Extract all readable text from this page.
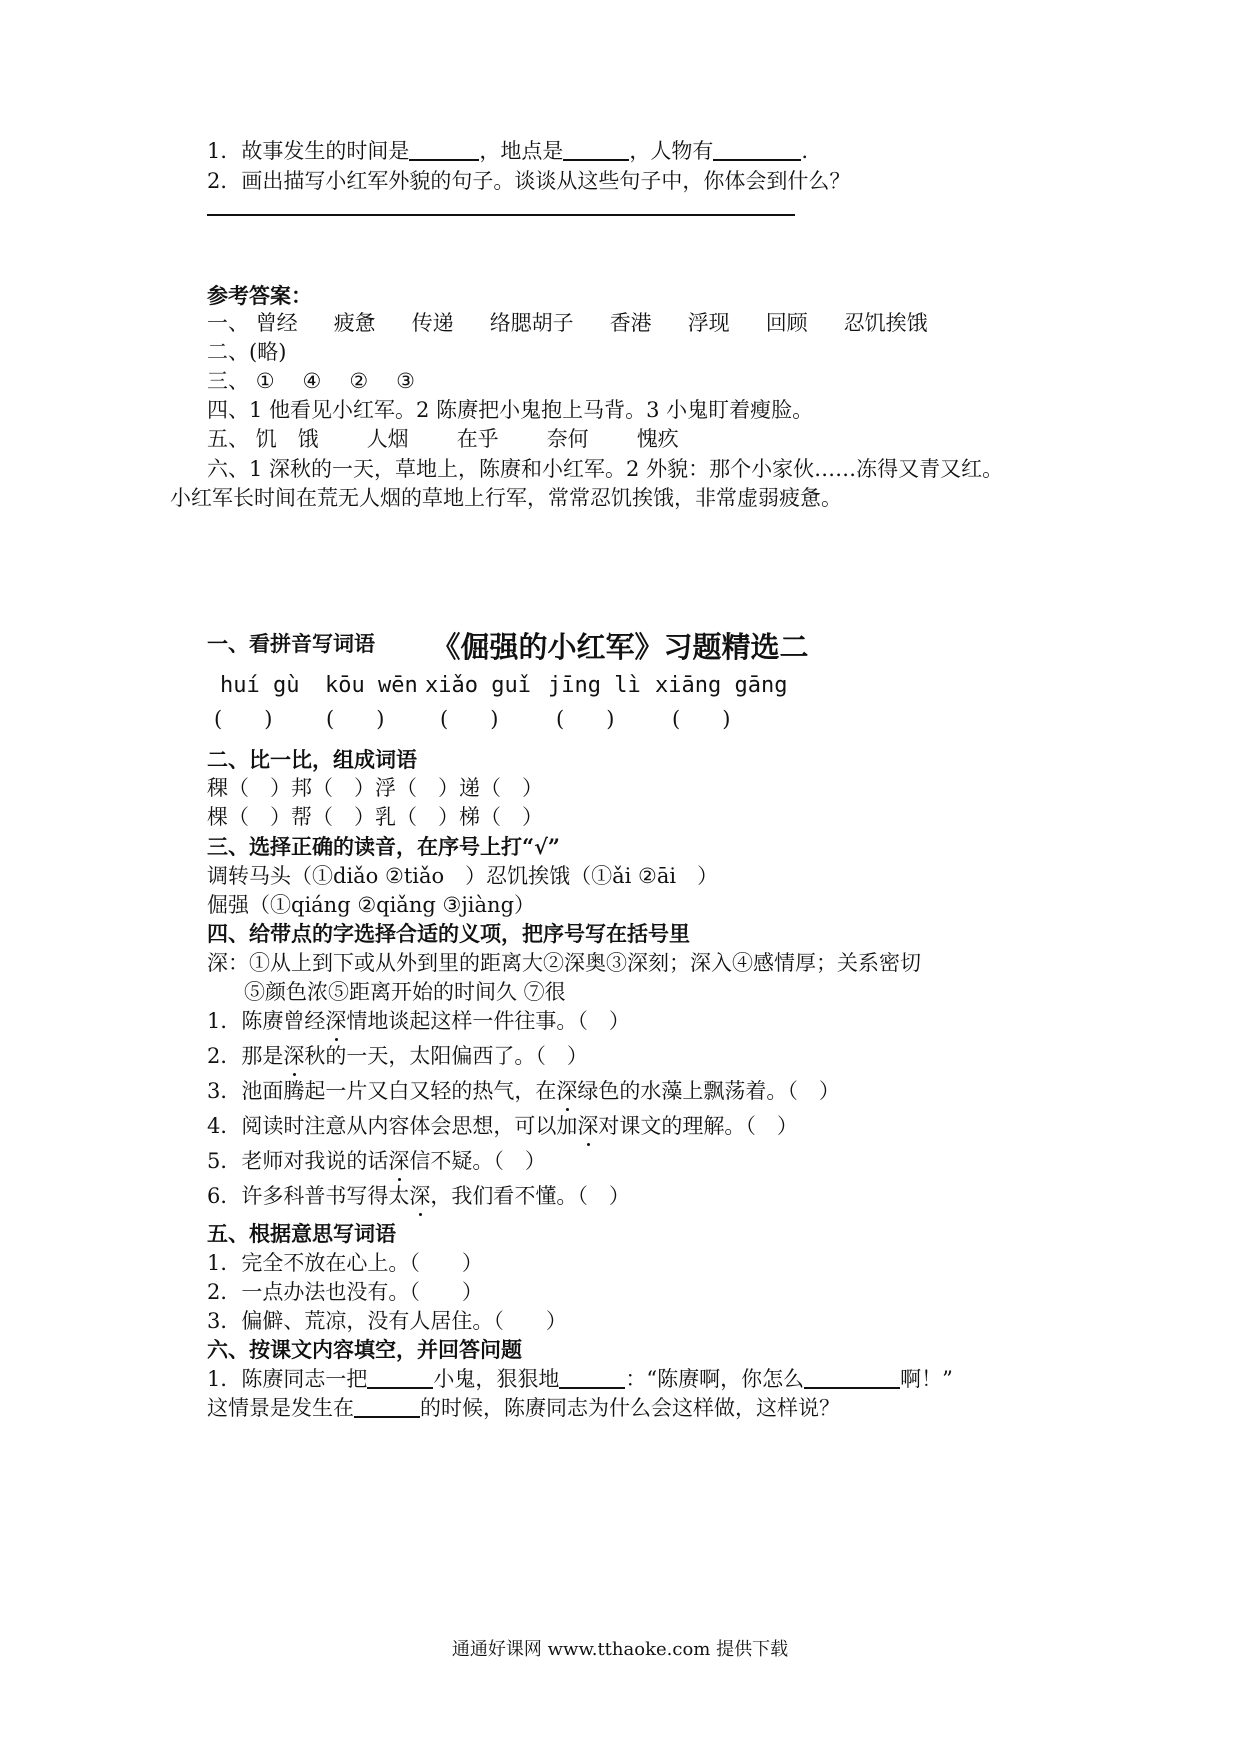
1．故事发生的时间是	，地点是	，人物有	.
2．画出描写小红军外貌的句子。谈谈从这些句子中，你体会到什么？
参考答案：
一、 曾经 疲惫 传递 络腮胡子 香港 浮现 回顾 忍饥挨饿
二、(略)
三、 ① ④ ② ③
四、1 他看见小红军。2 陈赓把小鬼抱上马背。3 小鬼盯着瘦脸。
五、 饥　饿 人烟 在乎 奈何 愧疚
六、1 深秋的一天，草地上，陈赓和小红军。2 外貌：那个小家伙……冻得又青又红。
小红军长时间在荒无人烟的草地上行军，常常忍饥挨饿，非常虚弱疲惫。
《倔强的小红军》习题精选二
一、看拼音写词语
huí gù
(　　)
kōu wēn
(　　)
xiǎo guǐ
(　　)
jīng lì
(　　)
xiāng gāng
(　　)
二、比一比，组成词语
稞（　）邦（　）浮（　）递（　）
棵（　）帮（　）乳（　）梯（　）
三、选择正确的读音，在序号上打“√”
调转马头（①diǎo ②tiǎo　）忍饥挨饿（①ǎi ②āi　）
倔强（①qiáng ②qiǎng ③jiàng）
四、给带点的字选择合适的义项，把序号写在括号里
深：①从上到下或从外到里的距离大②深奥③深刻；深入④感情厚；关系密切
⑤颜色浓⑤距离开始的时间久 ⑦很
1．陈赓曾经深情地谈起这样一件往事。（　）
2．那是深秋的一天，太阳偏西了。（　）
3．池面腾起一片又白又轻的热气，在深绿色的水藻上飘荡着。（　）
4．阅读时注意从内容体会思想，可以加深对课文的理解。（　）
5．老师对我说的话深信不疑。（　）
6．许多科普书写得太深，我们看不懂。（　）
五、根据意思写词语
1．完全不放在心上。（　　）
2．一点办法也没有。（　　）
3．偏僻、荒凉，没有人居住。（　　）
六、按课文内容填空，并回答问题
1．陈赓同志一把	小鬼，狠狠地	：“陈赓啊，你怎么	啊！”
这情景是发生在	的时候，陈赓同志为什么会这样做，这样说？
通通好课网 www.tthaoke.com 提供下载
